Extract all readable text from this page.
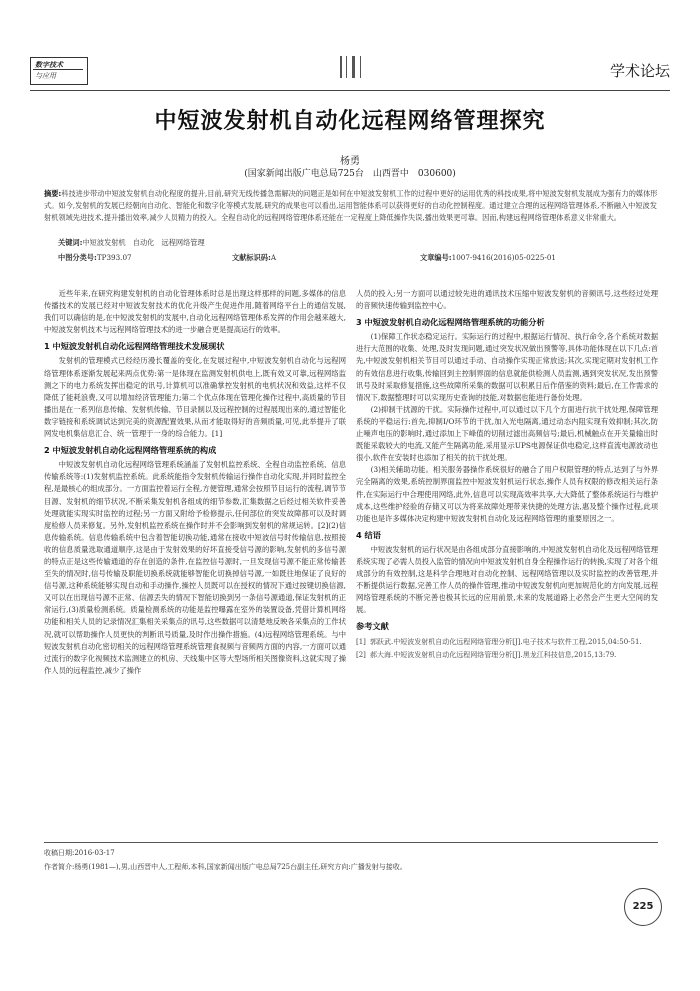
数字技术
与应用	学术论坛
中短波发射机自动化远程网络管理探究
杨勇
(国家新闻出版广电总局725台　山西晋中　030600)
摘要:科技进步带动中短波发射机自动化程度的提升,目前,研究无线传播急需解决的问题正是如何在中短波发射机工作的过程中更好的运用优秀的科技成果,将中短波发射机发展成为强有力的媒体形式。如今,发射机的发展已经朝向自动化、智能化和数字化等模式发展,研究的成果也可以看出,运用智能体系可以获得更好的自动化控制程度。通过建立合理的远程网络管理体系,不断融入中短波发射机领域先进技术,提升播出效率,减少人员精力的投入。全程自动化的远程网络管理体系还能在一定程度上降低操作失误,播出效果更可靠。因而,构建远程网络管理体系意义非常重大。
关键词:中短波发射机　自动化　远程网络管理
中图分类号:TP393.07	文献标识码:A	文章编号:1007-9416(2016)05-0225-01

近些年来,在研究构建发射机的自动化管理体系时总是出现这样那样的问题,多媒体的信息传播技术的发展已经对中短波发射技术的优化升级产生促进作用,随着网络平台上的通信发展,我们可以确信的是,在中短波发射机的发展中,自动化远程网络管理体系发挥的作用会越来越大,中短波发射机技术与远程网络管理技术的进一步融合更是提高运行的效率。

1 中短波发射机自动化远程网络管理技术发展现状

发射机的管理模式已经经历漫长覆盖的变化,在发展过程中,中短波发射机自动化与远程网络管理体系逐渐发展起来两点优势:第一是体现在监测发射机供电上,既有效又可靠,远程网络监测之下的电力系统发挥出稳定的讯号,计算机可以准确掌控发射机的电机状况和效益,这样不仅降低了能耗浪费,又可以增加经济管理能力;第二个优点体现在管理化操作过程中,高质量的节目播出是在一系列信息传输、发射机传输、节目录制以及远程控制的过程展现出来的,通过智能化数字链接和系统调试达到完美的资源配置效果,从而才能取得好的音频质量,可见,此举提升了联网发电机集信息汇合、统一管理于一身的综合能力。[1]

2 中短波发射机自动化远程网络管理系统的构成

中短波发射机自动化远程网络管理系统涵盖了发射机监控系统、全程自动监控系统、信息传输系统等:(1)发射机监控系统。此系统能指令发射机传输运行操作自动化实现,并同时监控全程,是最核心的组成部分。一方面监控着运行全程,方便管理,通常会按照节目运行的流程,调节节目源、发射机的细节状况,不断采集发射机各组成的细节参数,汇集数据之后经过相关软件妥善处理就能实现实时监控的过程;另一方面又附给予检修提示,任何部位的突发故障都可以及时调度检修人员来修复。另外,发射机监控系统在操作时并不会影响到发射机的常规运转。[2](2)信息传输系统。信息传输系统中包含着智能切换功能,通常在接收中短波信号时传输信息,按照接收的信息质量选取通道顺序,这是由于发射效果的好坏直接受信号源的影响,发射机的多信号源的特点正是这些传输通道的存在创造的条件,在监控信号源时,一旦发现信号源不能正常传输甚至失的情况时,信号传输及职能切换系统就能够智能化切换掉信号源,一如既往地保证了良好的信号源,这种系统能够实现自动和手动操作,操控人员既可以在授权的情况下通过按键切换信源,又可以在出现信号源不正常、信源丢失的情况下智能切换到另一条信号源通道,保证发射机的正常运行,(3)质量检测系统。质量检测系统的功能是监控曝露在室外的装置设备,凭借计算机网络功能和相关人员的记录情况汇集相关采集点的讯号,这些数据可以清楚地反映各采集点的工作状况,就可以帮助操作人员更快的判断讯号质量,及时作出操作措施。(4)远程网络管理系统。与中短波发射机自动化密切相关的远程网络管理系统管理食视频与音频两方面的内容,一方面可以通过流行的数字化视频技术监测建立的机房、天线集中区等大型场所相关图像资料,这就实现了操作人员的远程监控,减少了操作

人员的投入;另一方面可以通过较先进的通讯技术压缩中短波发射机的音频讯号,这些经过处理的音频快速传输到监控中心。

3 中短波发射机自动化远程网络管理系统的功能分析

(1)保障工作状态稳定运行。实际运行的过程中,根据运行情况、执行命令,各个系统对数据进行大范围的收集、处理,及时发现问题,通过突发状况做出预警等,具体功能体现在以下几点:首先,中短波发射机相关节目可以通过手动、自动操作实现正常放送;其次,实现定期对发射机工作的有效信息进行收集,传输回到主控制界面的信息就能供检测人员监测,遇到突发状况,发出预警讯号及时采取修复措施,这些故障所采集的数据可以积累日后作借鉴的资料;最后,在工作需求的情况下,数据整理时可以实现历史查询的技能,对数据也能进行备份处理。

(2)抑制干扰源的干扰。实际操作过程中,可以通过以下几个方面进行抗干扰处理,保障管理系统的平稳运行:首先,抑制I/O环节的干扰,加入光电隔离,通过动态内阻实现有效抑制;其次,防止噪声电压的影响时,通过添加上下峰值的切削过滤出高频信号;最后,机械触点在开关量输出时既能采载较大的电流,又能产生隔离功能,采用显示UPS电源保证供电稳定,这样直流电源波动也很小,软件在安装时也添加了相关的抗干扰处理。

(3)相关辅助功能。相关服务器操作系统很好的融合了用户权限管理的特点,达到了与外界完全隔离的效果,系统控制界面监控中短波发射机运行状态,操作人员有权限的修改相关运行条件,在实际运行中合理使用网络,此外,信息可以实现高效率共享,大大降低了整体系统运行与维护成本,这些维护经验的存储又可以为将来故障处理带来快捷的处理方法,惠及整个操作过程,此项功能也是许多媒体决定构建中短波发射机自动化及远程网络管理的重要原因之一。

4 结语

中短波发射机的运行状况是由各组成部分直接影响的,中短波发射机自动化及远程网络管理系统实现了必需人员投入监管的情况向中短波发射机自身全程操作运行的转换,实现了对各个组成部分的有效控制,这是科学合理地对自动化控制、远程网络管理以及实时监控的改善管理,并不断提供运行数据,完善工作人员的操作管理,推动中短波发射机向更加规范化的方向发展,远程网络管理系统的不断完善也极其长远的应用前景,未来的发展道路上必然会产生更大空间的发展。

参考文献

[1] 郭跃武.中短波发射机自动化远程网络管理分析[J].电子技术与软件工程,2015,04:50-51.

[2] 郝大海.中短波发射机自动化远程网络管理分析[J].黑龙江科技信息,2015,13:79.

收稿日期:2016-03-17
作者简介:杨勇(1981—),男,山西晋中人,工程师,本科,国家新闻出版广电总局725台副主任,研究方向:广播发射与接收。
225
